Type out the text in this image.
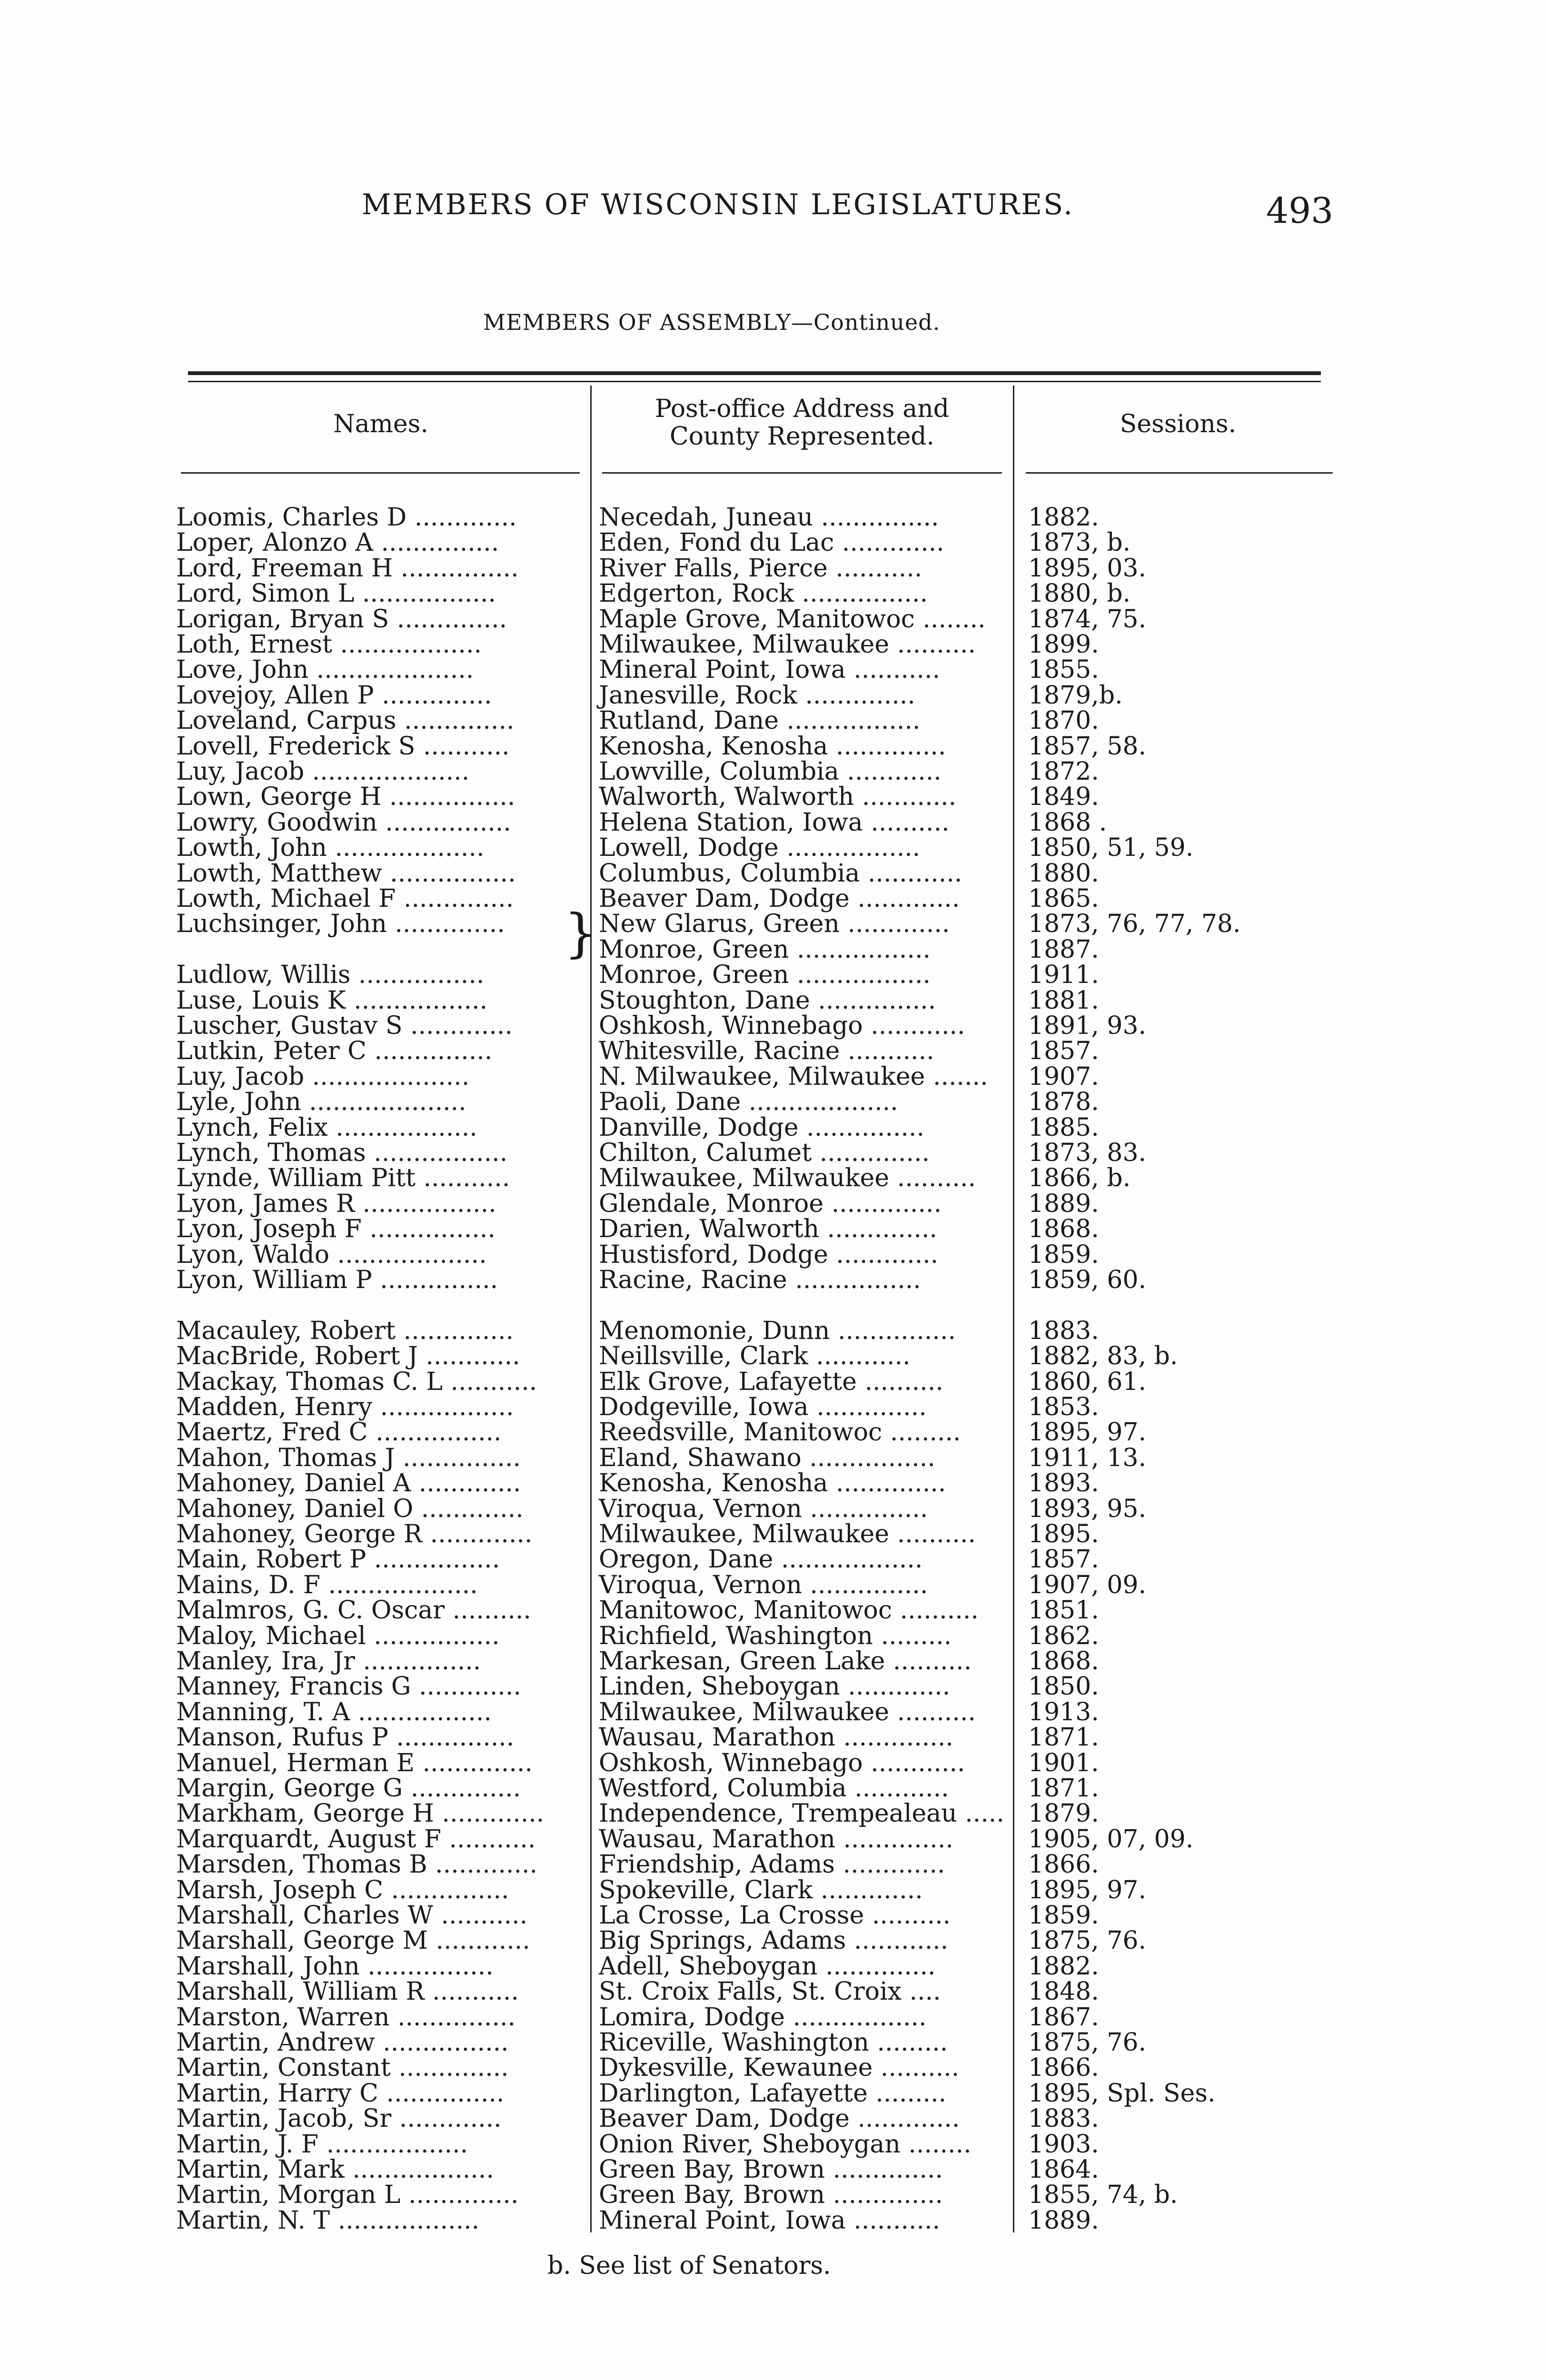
MEMBERS OF WISCONSIN LEGISLATURES.	493
MEMBERS OF ASSEMBLY—Continued.
Names.
Post-office Address and
County Represented.	Sessions.
Loomis, Charles D .............
Loper, Alonzo A ...............
Lord, Freeman H ...............
Lord, Simon L .................
Lorigan, Bryan S ..............
Loth, Ernest ..................
Love, John ....................
Lovejoy, Allen P ..............
Loveland, Carpus ..............
Lovell, Frederick S ...........
Luy, Jacob ....................
Lown, George H ................
Lowry, Goodwin ................
Lowth, John ...................
Lowth, Matthew ................
Lowth, Michael F ..............
Luchsinger, John ..............
Ludlow, Willis ................
Luse, Louis K .................
Luscher, Gustav S .............
Lutkin, Peter C ...............
Luy, Jacob ....................
Lyle, John ....................
Lynch, Felix ..................
Lynch, Thomas .................
Lynde, William Pitt ...........
Lyon, James R .................
Lyon, Joseph F ................
Lyon, Waldo ...................
Lyon, William P ...............
Macauley, Robert ..............
MacBride, Robert J ............
Mackay, Thomas C. L ...........
Madden, Henry .................
Maertz, Fred C ................
Mahon, Thomas J ...............
Mahoney, Daniel A .............
Mahoney, Daniel O .............
Mahoney, George R .............
Main, Robert P ................
Mains, D. F ...................
Malmros, G. C. Oscar ..........
Maloy, Michael ................
Manley, Ira, Jr ...............
Manney, Francis G .............
Manning, T. A .................
Manson, Rufus P ...............
Manuel, Herman E ..............
Margin, George G ..............
Markham, George H .............
Marquardt, August F ...........
Marsden, Thomas B .............
Marsh, Joseph C ...............
Marshall, Charles W ...........
Marshall, George M ............
Marshall, John ................
Marshall, William R ...........
Marston, Warren ...............
Martin, Andrew ................
Martin, Constant ..............
Martin, Harry C ...............
Martin, Jacob, Sr .............
Martin, J. F ..................
Martin, Mark ..................
Martin, Morgan L ..............
Martin, N. T ..................
Necedah, Juneau ...............
Eden, Fond du Lac .............
River Falls, Pierce ...........
Edgerton, Rock ................
Maple Grove, Manitowoc ........
Milwaukee, Milwaukee ..........
Mineral Point, Iowa ...........
Janesville, Rock ..............
Rutland, Dane .................
Kenosha, Kenosha ..............
Lowville, Columbia ............
Walworth, Walworth ............
Helena Station, Iowa ..........
Lowell, Dodge .................
Columbus, Columbia ............
Beaver Dam, Dodge .............
New Glarus, Green .............
Monroe, Green .................
Monroe, Green .................
Stoughton, Dane ...............
Oshkosh, Winnebago ............
Whitesville, Racine ...........
N. Milwaukee, Milwaukee .......
Paoli, Dane ...................
Danville, Dodge ...............
Chilton, Calumet ..............
Milwaukee, Milwaukee ..........
Glendale, Monroe ..............
Darien, Walworth ..............
Hustisford, Dodge .............
Racine, Racine ................
Menomonie, Dunn ...............
Neillsville, Clark ............
Elk Grove, Lafayette ..........
Dodgeville, Iowa ..............
Reedsville, Manitowoc .........
Eland, Shawano ................
Kenosha, Kenosha ..............
Viroqua, Vernon ...............
Milwaukee, Milwaukee ..........
Oregon, Dane ..................
Viroqua, Vernon ...............
Manitowoc, Manitowoc ..........
Richfield, Washington .........
Markesan, Green Lake ..........
Linden, Sheboygan .............
Milwaukee, Milwaukee ..........
Wausau, Marathon ..............
Oshkosh, Winnebago ............
Westford, Columbia ............
Independence, Trempealeau .....
Wausau, Marathon ..............
Friendship, Adams .............
Spokeville, Clark .............
La Crosse, La Crosse ..........
Big Springs, Adams ............
Adell, Sheboygan ..............
St. Croix Falls, St. Croix ....
Lomira, Dodge .................
Riceville, Washington .........
Dykesville, Kewaunee ..........
Darlington, Lafayette .........
Beaver Dam, Dodge .............
Onion River, Sheboygan ........
Green Bay, Brown ..............
Green Bay, Brown ..............
Mineral Point, Iowa ...........
1882.
1873, b.
1895, 03.
1880, b.
1874, 75.
1899.
1855.
1879,b.
1870.
1857, 58.
1872.
1849.
1868 .
1850, 51, 59.
1880.
1865.
1873, 76, 77, 78.
1887.
1911.
1881.
1891, 93.
1857.
1907.
1878.
1885.
1873, 83.
1866, b.
1889.
1868.
1859.
1859, 60.
1883.
1882, 83, b.
1860, 61.
1853.
1895, 97.
1911, 13.
1893.
1893, 95.
1895.
1857.
1907, 09.
1851.
1862.
1868.
1850.
1913.
1871.
1901.
1871.
1879.
1905, 07, 09.
1866.
1895, 97.
1859.
1875, 76.
1882.
1848.
1867.
1875, 76.
1866.
1895, Spl. Ses.
1883.
1903.
1864.
1855, 74, b.
1889.
}
b. See list of Senators.
